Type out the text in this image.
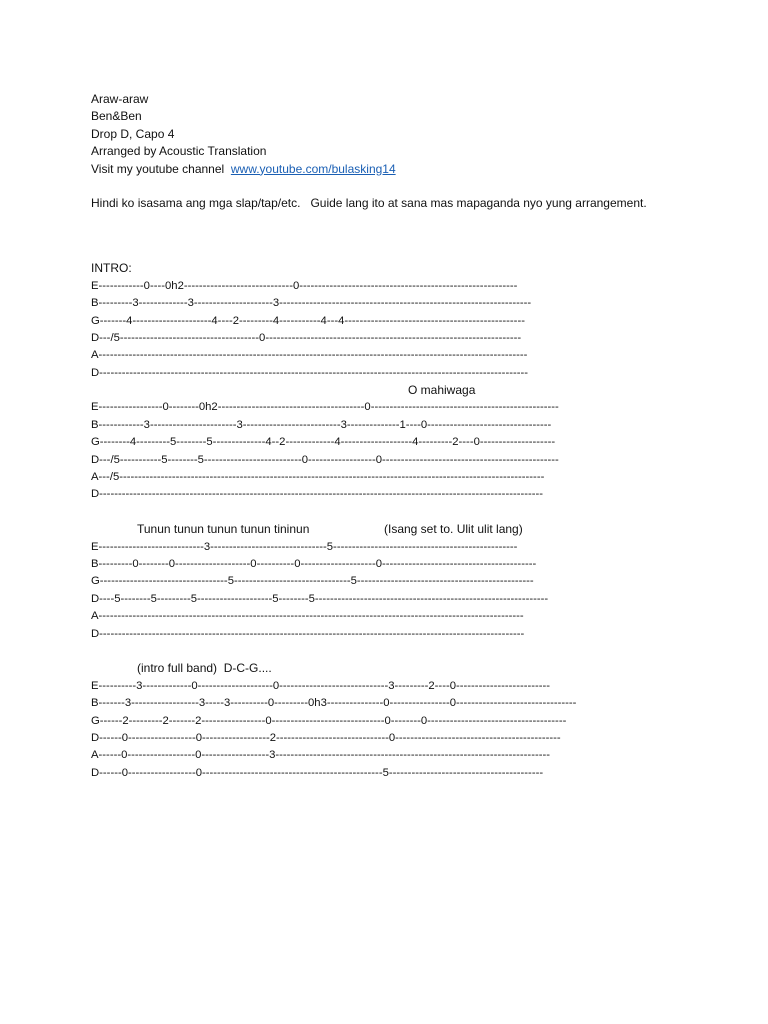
Araw-araw
Ben&Ben
Drop D, Capo 4
Arranged by Acoustic Translation
Visit my youtube channel www.youtube.com/bulasking14
Hindi ko isasama ang mga slap/tap/etc.   Guide lang ito at sana mas mapaganda nyo yung arrangement.
INTRO:
E------------0----0h2-----------------------------0----------------------------------------------------------
B---------3-------------3---------------------3-------------------------------------------------------------------
G-------4---------------------4----2---------4-----------4---4------------------------------------------------
D---/5-------------------------------------0--------------------------------------------------------------------
A------------------------------------------------------------------------------------------------------------------
D------------------------------------------------------------------------------------------------------------------

O mahiwaga

E-----------------0--------0h2---------------------------------------0--------------------------------------------------
B------------3-----------------------3--------------------------3--------------1----0---------------------------------
G--------4---------5--------5--------------4--2-------------4-------------------4---------2----0--------------------
D---/5-----------5--------5--------------------------0------------------0-----------------------------------------------
A---/5-----------------------------------------------------------------------------------------------------------------
D----------------------------------------------------------------------------------------------------------------------

Tunun tunun tunun tunun tininun

	(Isang set to. Ulit ulit lang)

E----------------------------3-------------------------------5-------------------------------------------------
B---------0--------0--------------------0----------0--------------------0-----------------------------------------
G----------------------------------5-------------------------------5-----------------------------------------------
D----5--------5---------5--------------------5--------5--------------------------------------------------------------
A-----------------------------------------------------------------------------------------------------------------
D-----------------------------------------------------------------------------------------------------------------

(intro full band)  D-C-G....

E----------3-------------0--------------------0-----------------------------3---------2----0-------------------------
B-------3------------------3-----3----------0---------0h3---------------0----------------0--------------------------------
G------2---------2-------2-----------------0------------------------------0--------0-------------------------------------
D------0------------------0------------------2------------------------------0--------------------------------------------
A------0------------------0------------------3-------------------------------------------------------------------------
D------0------------------0------------------------------------------------5-----------------------------------------
